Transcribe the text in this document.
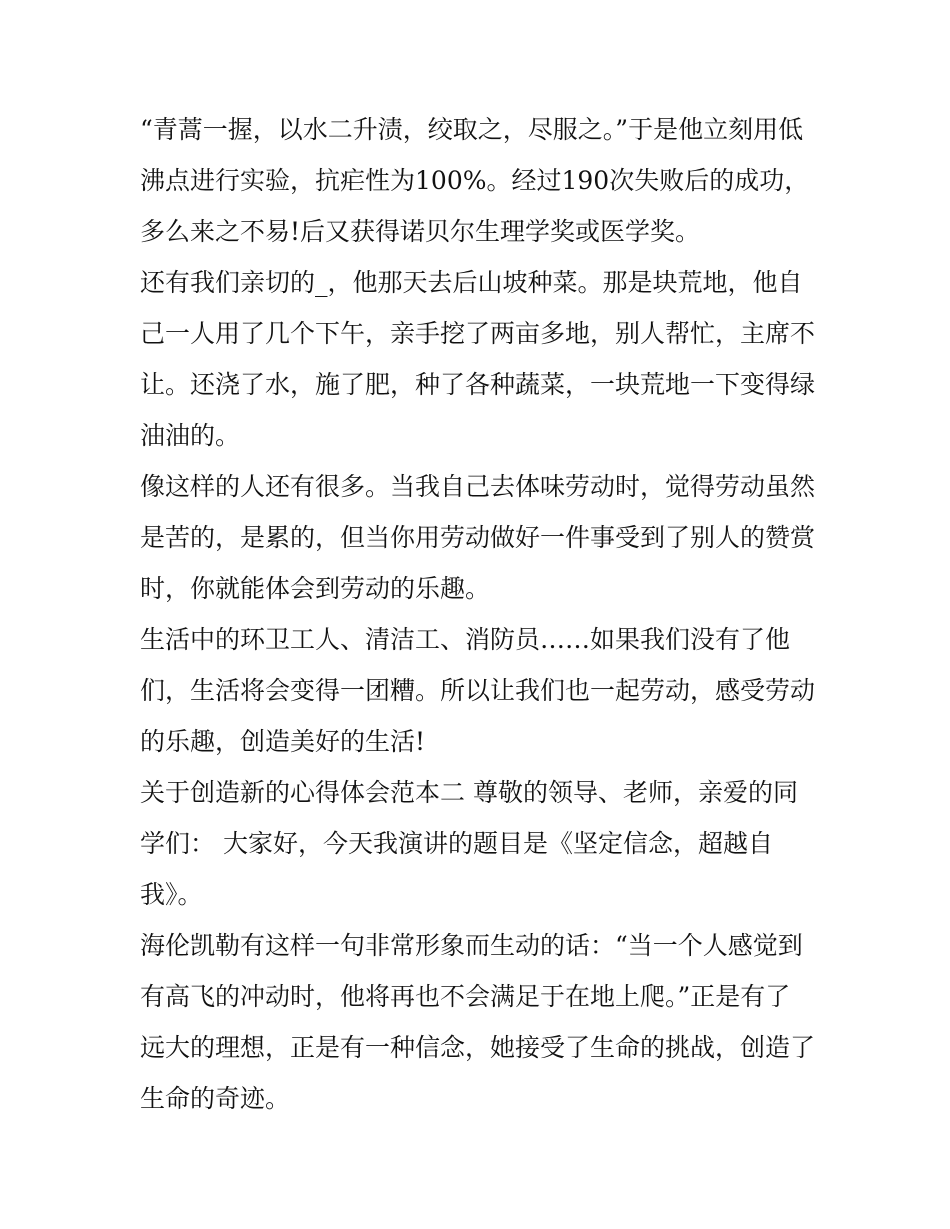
“青蒿一握，以水二升渍，绞取之，尽服之。”于是他立刻用低
沸点进行实验，抗疟性为100%。经过190次失败后的成功，
多么来之不易!后又获得诺贝尔生理学奖或医学奖。
还有我们亲切的_，他那天去后山坡种菜。那是块荒地，他自
己一人用了几个下午，亲手挖了两亩多地，别人帮忙，主席不
让。还浇了水，施了肥，种了各种蔬菜，一块荒地一下变得绿
油油的。
像这样的人还有很多。当我自己去体味劳动时，觉得劳动虽然
是苦的，是累的，但当你用劳动做好一件事受到了别人的赞赏
时，你就能体会到劳动的乐趣。
生活中的环卫工人、清洁工、消防员……如果我们没有了他
们，生活将会变得一团糟。所以让我们也一起劳动，感受劳动
的乐趣，创造美好的生活!
关于创造新的心得体会范本二 尊敬的领导、老师，亲爱的同
学们： 大家好，今天我演讲的题目是《坚定信念，超越自
我》。
海伦凯勒有这样一句非常形象而生动的话：“当一个人感觉到
有高飞的冲动时，他将再也不会满足于在地上爬。”正是有了
远大的理想，正是有一种信念，她接受了生命的挑战，创造了
生命的奇迹。
